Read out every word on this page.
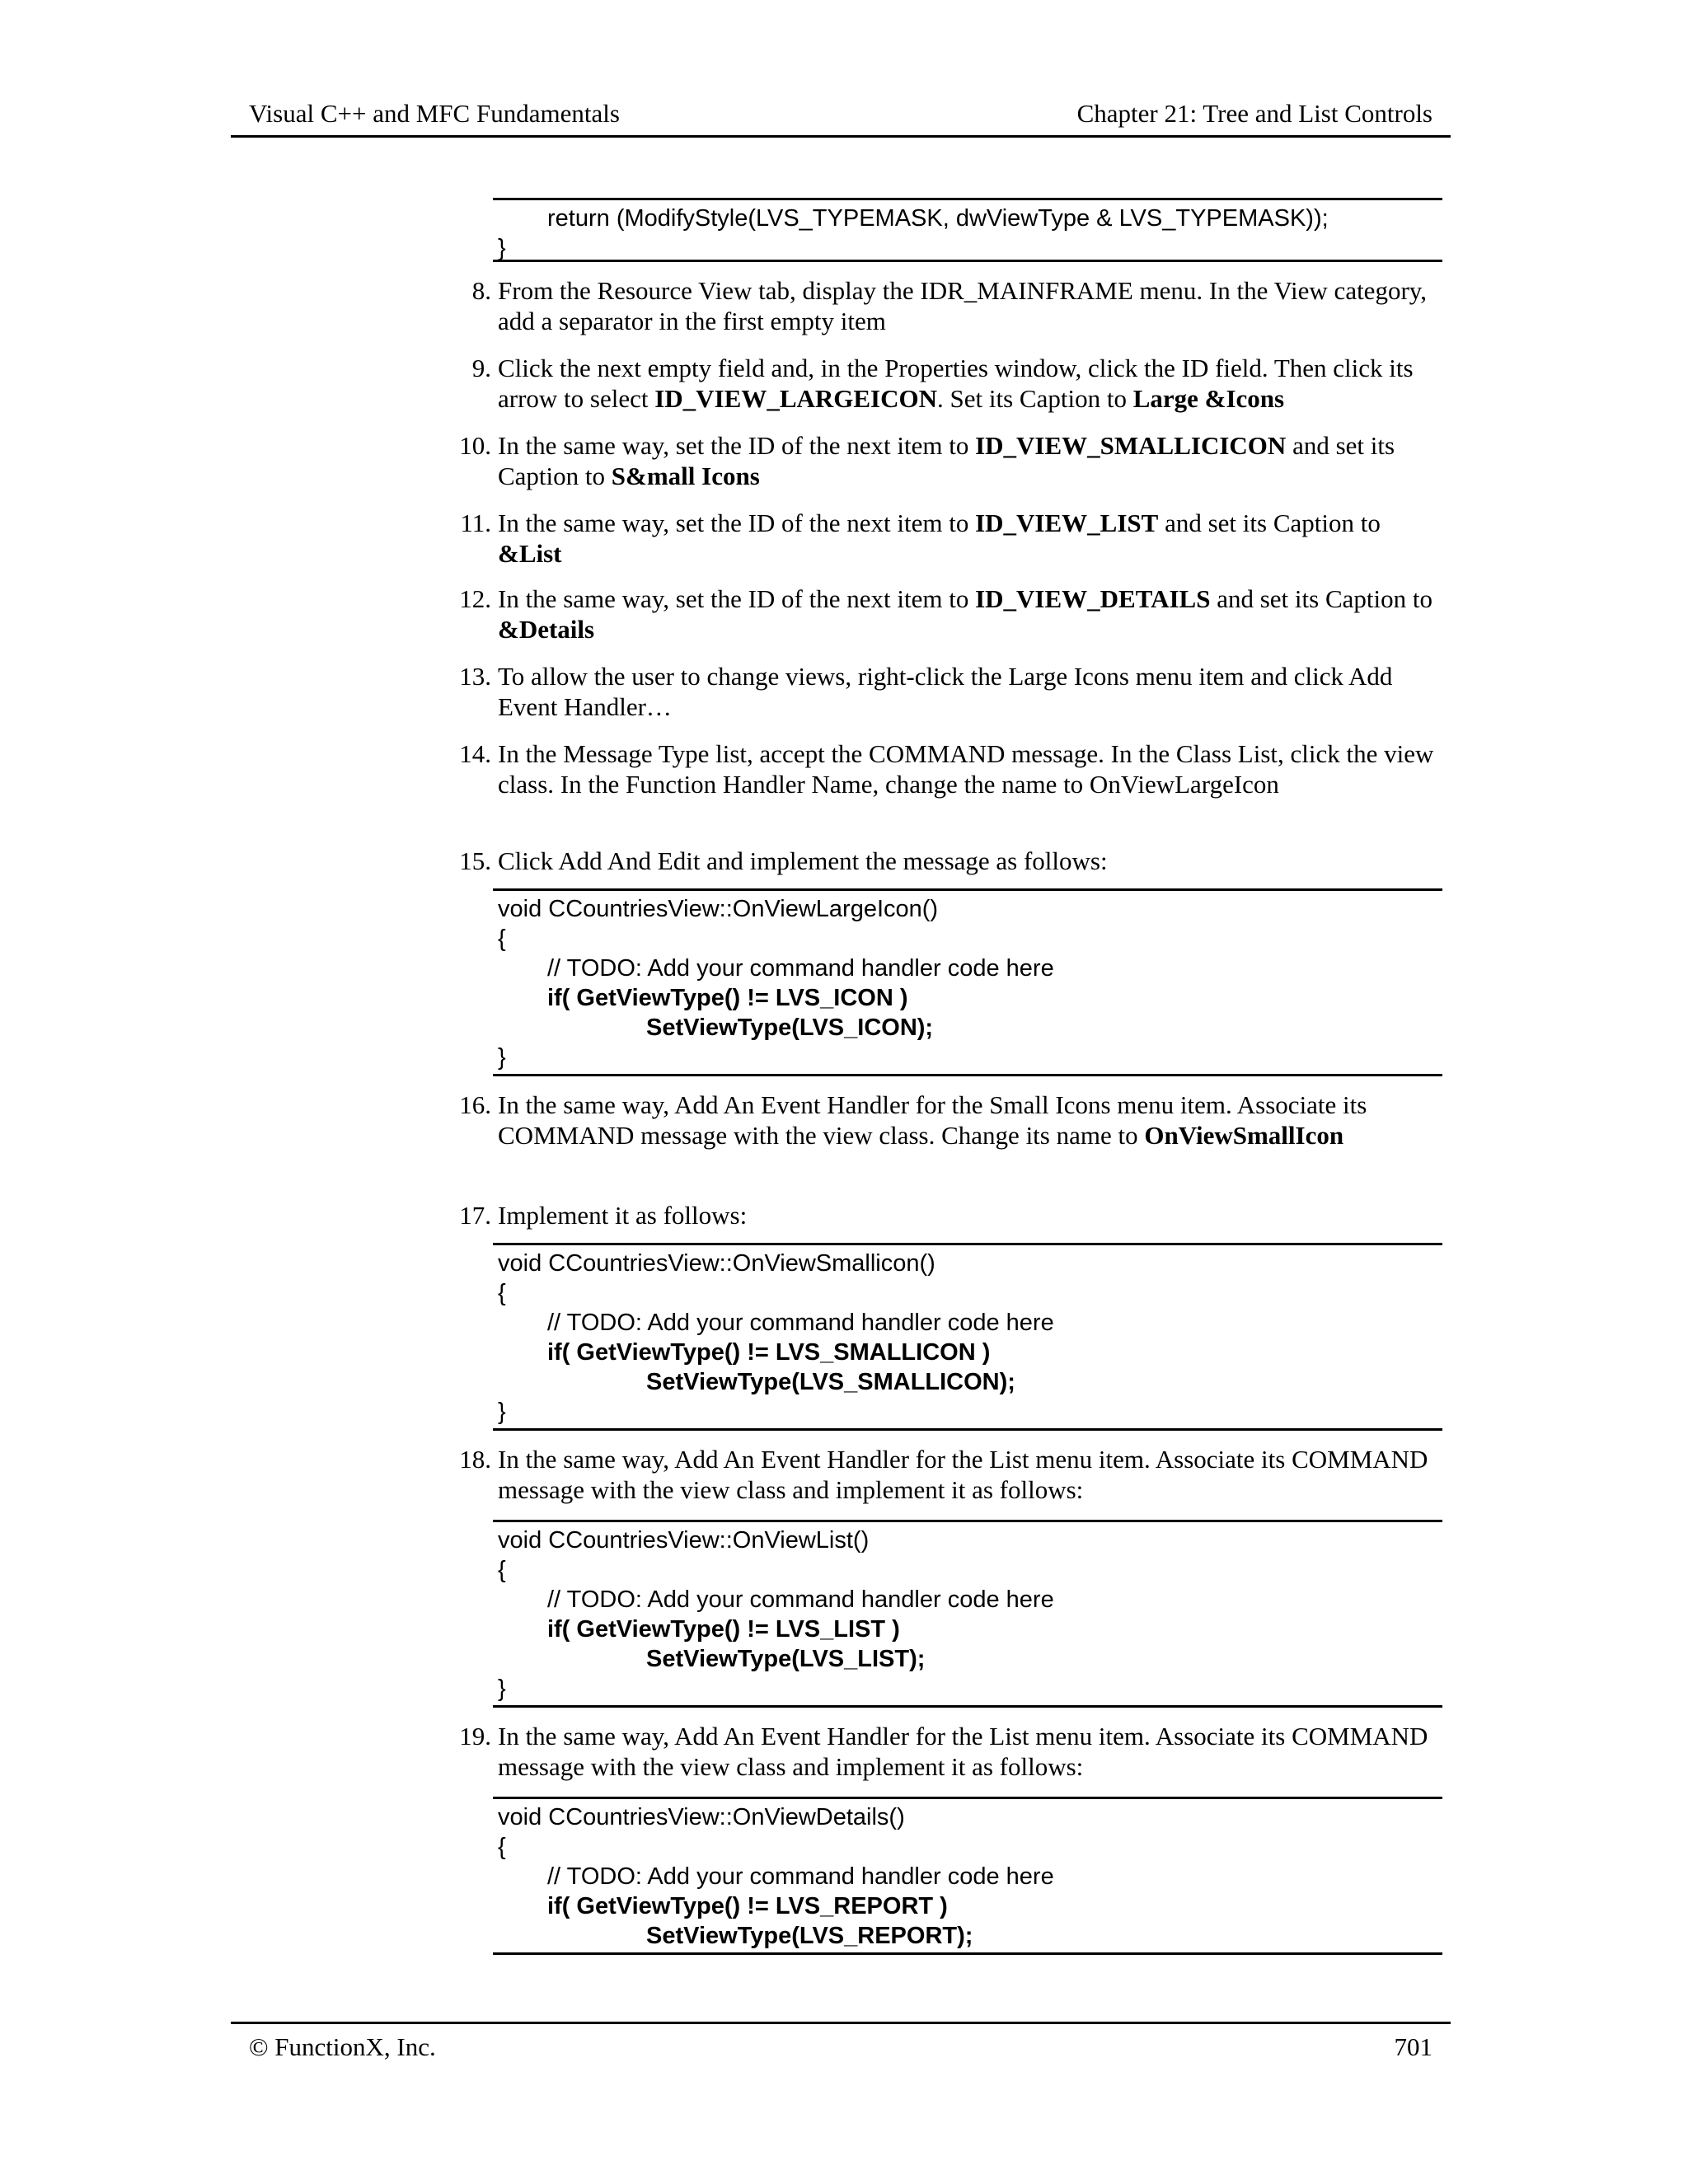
Visual C++ and MFC Fundamentals	Chapter 21: Tree and List Controls
return (ModifyStyle(LVS_TYPEMASK, dwViewType & LVS_TYPEMASK));
}
8. From the Resource View tab, display the IDR_MAINFRAME menu. In the View category, add a separator in the first empty item
9. Click the next empty field and, in the Properties window, click the ID field. Then click its arrow to select ID_VIEW_LARGEICON. Set its Caption to Large &Icons
10. In the same way, set the ID of the next item to ID_VIEW_SMALLICICON and set its Caption to S&mall Icons
11. In the same way, set the ID of the next item to ID_VIEW_LIST and set its Caption to &List
12. In the same way, set the ID of the next item to ID_VIEW_DETAILS and set its Caption to &Details
13. To allow the user to change views, right-click the Large Icons menu item and click Add Event Handler…
14. In the Message Type list, accept the COMMAND message. In the Class List, click the view class. In the Function Handler Name, change the name to OnViewLargeIcon
15. Click Add And Edit and implement the message as follows:
void CCountriesView::OnViewLargeIcon()
{
// TODO: Add your command handler code here
if( GetViewType() != LVS_ICON )
SetViewType(LVS_ICON);
}
16. In the same way, Add An Event Handler for the Small Icons menu item. Associate its COMMAND message with the view class. Change its name to OnViewSmallIcon
17. Implement it as follows:
void CCountriesView::OnViewSmallicon()
{
// TODO: Add your command handler code here
if( GetViewType() != LVS_SMALLICON )
SetViewType(LVS_SMALLICON);
}
18. In the same way, Add An Event Handler for the List menu item. Associate its COMMAND message with the view class and implement it as follows:
void CCountriesView::OnViewList()
{
// TODO: Add your command handler code here
if( GetViewType() != LVS_LIST )
SetViewType(LVS_LIST);
}
19. In the same way, Add An Event Handler for the List menu item. Associate its COMMAND message with the view class and implement it as follows:
void CCountriesView::OnViewDetails()
{
// TODO: Add your command handler code here
if( GetViewType() != LVS_REPORT )
SetViewType(LVS_REPORT);
© FunctionX, Inc.	701
